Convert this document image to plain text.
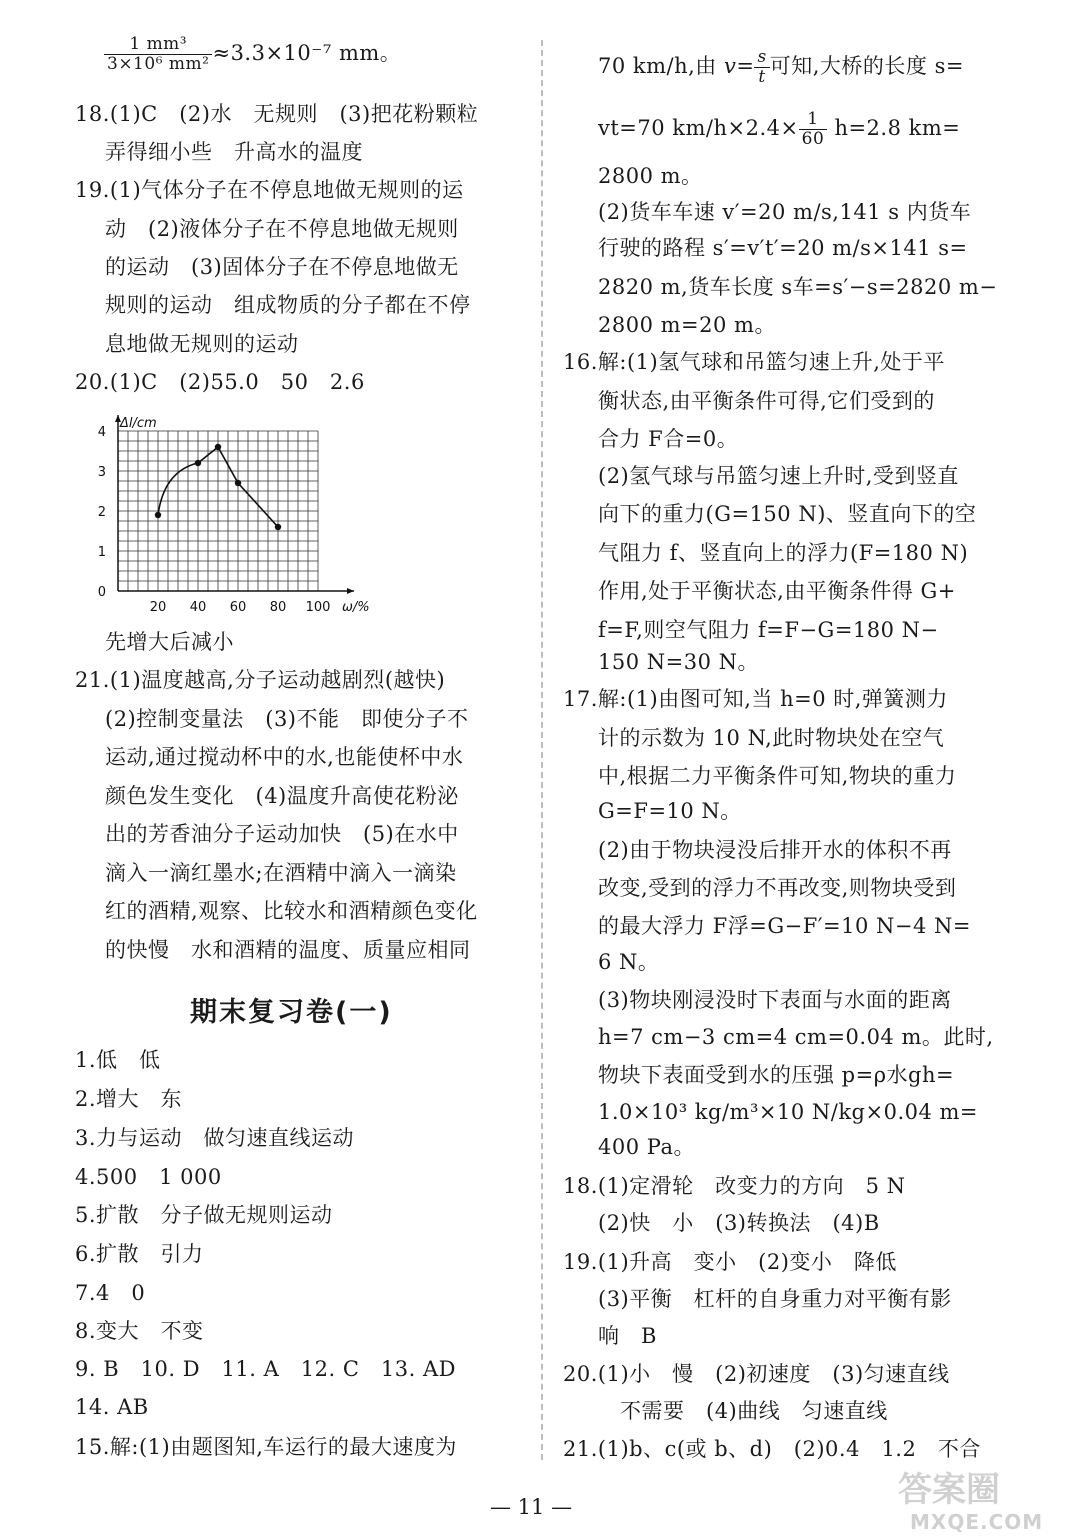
$\frac{\text{1 mm³}}{\text{3×10⁶ mm²}} \approx 3.3\times 10^{-7}$ mm。
18.(1)C　(2)水　无规则　(3)把花粉颗粒
弄得细小些　升高水的温度
19.(1)气体分子在不停息地做无规则的运
动　(2)液体分子在不停息地做无规则
的运动　(3)固体分子在不停息地做无
规则的运动　组成物质的分子都在不停
息地做无规则的运动
20.(1)C　(2)55.0　50　2.6
0
1
2
3
4
20 40 60 80 100
Δl/cm
ω/%
先增大后减小
21.(1)温度越高,分子运动越剧烈(越快)
(2)控制变量法　(3)不能　即使分子不
运动,通过搅动杯中的水,也能使杯中水
颜色发生变化　(4)温度升高使花粉泌
出的芳香油分子运动加快　(5)在水中
滴入一滴红墨水;在酒精中滴入一滴染
红的酒精,观察、比较水和酒精颜色变化
的快慢　水和酒精的温度、质量应相同
期末复习卷(一)
1.低　低
2.增大　东
3.力与运动　做匀速直线运动
4.500　1 000
5.扩散　分子做无规则运动
6.扩散　引力
7.4　0
8.变大　不变
9. B　10. D　11. A　12. C　13. AD
14. AB
15.解:(1)由题图知,车运行的最大速度为
70 km/h,由 $v= \frac{s}{t}$ 可知,大桥的长度 s=
vt=70 $km/h\times 2.4\times \frac{1}{60} h=2.8$ km=
2800 m。
(2)货车车速 v′=20 m/s,141 s 内货车
行驶的路程 s′=v′t′=20 m/s×141 s=
2820 m,货车长度 s车=s′−s=2820 m−
2800 m=20 m。
16.解:(1)氢气球和吊篮匀速上升,处于平
衡状态,由平衡条件可得,它们受到的
合力 F合=0。
(2)氢气球与吊篮匀速上升时,受到竖直
向下的重力(G=150 N)、竖直向下的空
气阻力 f、竖直向上的浮力(F=180 N)
作用,处于平衡状态,由平衡条件得 G+
f=F,则空气阻力 f=F−G=180 N−
150 N=30 N。
17.解:(1)由图可知,当 h=0 时,弹簧测力
计的示数为 10 N,此时物块处在空气
中,根据二力平衡条件可知,物块的重力
G=F=10 N。
(2)由于物块浸没后排开水的体积不再
改变,受到的浮力不再改变,则物块受到
的最大浮力 F浮=G−F′=10 N−4 N=
6 N。
(3)物块刚浸没时下表面与水面的距离
h=7 cm−3 cm=4 cm=0.04 m。此时,
物块下表面受到水的压强 p=ρ水gh=
1.0×10³ kg/m³×10 N/kg×0.04 m=
400 Pa。
18.(1)定滑轮　改变力的方向　5 N
(2)快　小　(3)转换法　(4)B
19.(1)升高　变小　(2)变小　降低
(3)平衡　杠杆的自身重力对平衡有影
响　B
20.(1)小　慢　(2)初速度　(3)匀速直线
不需要　(4)曲线　匀速直线
21.(1)b、c(或 b、d)　(2)0.4　1.2　不合
— 11 —	答案圈
MXQE.COM
